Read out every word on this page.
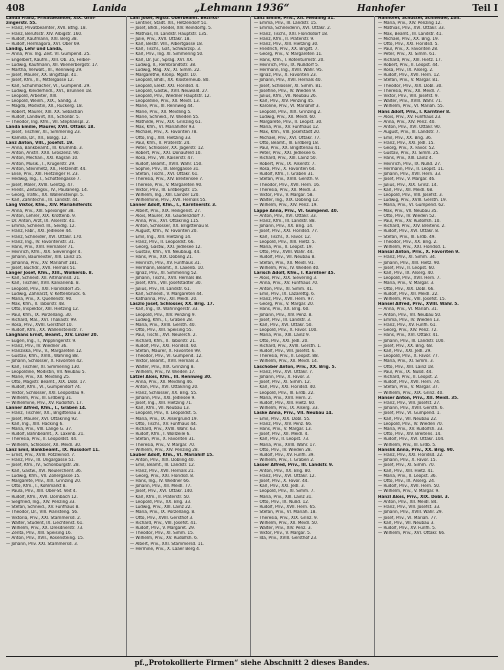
408	Lanida	„Lehmann 1936“	Hanhofer	Teil I
Landa Franz, Privatbeamter, XIX. Grin-
zingerstr. 55.
— Franz, Privatbeamter, XVII. Bthg. 18.
— Franz, Berufsstr. XIV. Albigstr. 160.
— Rudolf, Kaufmann, XXI. Berg 38.
— Rudolf, Hermagora, XVI. Ober 69.
Landig, Lehr und Landa,
— Anna, Priv. Ing. Zeit. VI. Gumpend. 25.
— Engelbert, Kaufm., XIII. Ob. 35, Felber-
— Ludwig, Kaufmann, XII. Wienerbergstr. 17.
— Martha, Verwalt., III., Rennweg 29.
— Josef, Maurer, XX. Brigittapl. 41.
— Josef, Kfm., II., Mittelgasse 12.
— Karl, Schuhmacher, VI., Gumpend. 29.
— Ludwig, Kleiderhndl., XVI., Brunnen 18.
— Leopold, Arbeiter, XIII.
— Leopold, Weinh., XIX., Sandg. 3.
— Magda, Modistin, XII., Ruckerg. 18.
— Robert, Maurer, XIII. XX. Sebastian
— Rudolf, Landwirt, XII., Schonbr. 5.
— Theodor, Ing. Kfm., VII. Stephanspl. 2.
Landa Emilie, Maurer, XVII. Ottakr. 18.
— Josef, Tischler, XI., Simmering 23.
— Kamilla, Dr., XII., Bolgg. 12.
Lanz Anton, VIII., Josefst. 19.
— Anna, Bankbeamt., III. Krummb. 3.
— Anton, Anstrl. XXII. Groszenz. 90.
— Anton, Mechan., XXI. Kagran 10.
— Anton, Musik., I., Krugerstr. 29.
— Anton, Steinmetz, XII., Hetzendf. 44.
— Elise, Priv., XIII. Hietzinger H. 23.
— Hedwig, Ing., I., Schottengasse 7.
— Josef, Maler, XVIII. Gentzg. 47.
— Friedr., Zeitungsv., IV., Paulanerg. 14.
— Georg, Trafik., XX. Wallensteinpl. 5.
— Karl, Zahntechn., III. Landstr. 44.
Lang Viktor, Kfm., XIV. Mariahilferstr.
— Anna, Priv., XIII. Speisinger 38.
— Anton, Lehrer, XIX. Krottenb. 9.
— Dr. Anton, Arzt, IX. Alserstr. 41.
— Emma, Schneid. III., Seidlg. 12.
— Franz, Fabr., XXI. Jedlesee 44.
— Franz, Schneider, XVI. Ottakr. 170.
— Franz, Ing., IV. Favoritenstr. 31.
— Hans, Priv., XVII. Hernalser 71.
— Heinrich, Kfm., XIX. Sieveringer 4.
— Johann, Baumeister, XIII. Lainz 15.
— Johanna, Priv., XV. Mariahilf 181.
— Josef, Buchdr., XVII. Hernals 51.
Langer Josef, Kfm., XIII., Wolkersb. 8.
— Karl, Schneid. XII. Altmannsd. 21.
— Karl, Tischler, XVII. Kalvarienb. 8.
— Leopold, Priv., XXI. Floridsdorf 35.
— Ludwig, Zahnarzt, V. Kettenbruck. 6.
— Maria, Priv., X. Quellenstr. 90.
— Max, Kfm., II. Taborstr. 48.
— Otto, Inspektor, XIII. Hietzing 12.
— Paul, Kfm., IX. Porzellang. 30.
— Richard, Mal., XVI. Thaliastr. 99.
— Rosa, Priv., XVIII. Gersthof 10.
— Rudolf, Kfm., XX. Wallensteinstr. 7.
Langhans Ernst, Beamt., XIV. Linzer 20.
— Eugen, Ing., I., Wipplingerstr. 9.
— Franz, Priv., IV. Wiedner 36.
— Franziska, Priv., V., Margareten 12.
— Gustav, Kfm., XVIII., Wahring 88.
— Johann, Schlosser, X. Favoriten 42.
— Karl, Tischler, XI. Simmering 130.
— Leopoldine, Modistin, VII. Neubau 5.
— Marie, Priv., XII. Meidling 25.
— Otto, Magistr. Beamt., XIX. Dobl. 17.
— Rudolf, Kfm., VI., Gumpendorf 74.
— Viktor, Schlosser, XXI. Leopoldau 9.
— Wilhelm, Priv., III. Erdberg 31.
— Wilhelmine, Priv., XV. Rudolfsh. 17.
Lanner Alfred, Kfm., I., Graben 14.
— Franz, Tischler, XX., Brigittenau 3.
— Josef, Maurer, XVI. Ottakring 92.
— Karl, Ing., XIII. Hacking 6.
— Maria, Priv., VIII. Lange G. 37.
— Rudolf, Bahnbeamt., X. Laxenb. 21.
— Theresia, Priv., II. Leopoldst. 44.
— Wilhelm, Schlosser, XII. Meidl. 30.
Lanz Emil, Bankbeamt., IX. Nussdorf 11.
— Ernst, Priv., XVIII. Pötzleinsd. 7.
— Franz, Priv., III. Ungargasse 51.
— Josef, Kfm., IV., Schönburgstr. 28.
— Karl, Gastw., XVI. Neulerchenf. 36.
— Ludwig, Kfm., VII. Zollergasse 15.
— Margarete, Priv., XIX. Grinzing 20.
— Otto, Kfm., I., Kohlmarkt 8.
— Paula, Priv., XIII. Ober-St. Veit 4.
— Rudolf, Kfm., XVII. Dornbach 12.
— Siegfried, Ing., XIV. Penzing 33.
— Stefan, Schneid., XV. Fünfhaus 8.
— Theodor, Dr., VIII. Piaristeng. 56.
— Viktoria, Priv., XXI. Stammersd. 2.
— Walter, Student, IX. Liechtenst. 61.
— Wilhelm, Priv., XX. Dresdnerstr. 73.
— Zenta, Priv., XIII. Speising 16.
— Anton, Priv., XVII., Rosensteing. 15.
— Johann, Priv. XXI. Stammersd. 3.
Lanl Josef, Mgstr. Oberbeamt. Bezirks-
— Lentner, Stadt. XII., Hetzendorf 51.
— Josef, Bhdl., Riedel, XIV. Reindorfg. 5.
— Mathias, III. Landstr. Hauptstr. 135.
— Julie, Priv., XVII. Ottakr. 18.
— Karl, Bestlr. VIII., Albertgasse 18.
— Karl, Tischl., Gaf., Schwarzsp. 3.
— Karl, Priv., Ing. XI. Simmering 50.
— Karl, Dr. Jur., Sprag. XVI. XX.
— Ludwig, II., Rembrandtstr. 38.
— Ludwig, Mag. XV., XI. Simm. 22.
— Margarethe, Kronp. Mgstr. 10.
— Leopold, Bhdl., XX. Klosterneub. 80.
— Leopold, Elekt. XXI. Floridsd. 4.
— Leopold, Gastw., XVII. Neuwald. 27.
— Leopold, Priv., Wiedner Hauptstr. 12.
— Leopoldine, Priv., XII. Meidl. 13.
— Marie, Priv., III. Rennweg 44.
— Marie, Priv., XII. Meidling 5.
— Marie, Schneid., IV. Wieden 55.
— Mathilde, Priv., XIX. Grinzing 61.
— Max, Kfm., VI. Mariahilfer 93.
— Michael, Priv., X. Favoriten 78.
— Otto, Ing., XIII. Hietzing 33.
— Paul, Kfm., II. Praterstr. 24.
— Peter, Schlosser, XX. Jägerstr. 12.
— Robert, Priv., XXI. Donaufeld 10.
— Rosa, Priv., VII. Kaiserstr. 47.
— Rudolf, Beamt., XVIII. Währ. 150.
— Sophie, Priv., IX. Berggasse 31.
— Stefan, Tischl., XVI. Ottakr. 61.
— Theresia, Priv., XIV. Breitensee 7.
— Therese, Priv., V. Margareten 90.
— Viktor, Priv., III. Erdbergstr. 15.
— Wilhelm, Ing., XIII. Lainzer 120.
— Wilhelmine, Priv., XVII. Hernals 55.
Lanner Adolf, Kfm., I., Kärntnerstr. 3.
— Albert, Priv., XIX. Heiligenst. 27.
— Alois, Maurer, XII. Gaudenzdorf 7.
— Anna, Priv., XVI. Ottakring 115.
— Anton, Schlosser, XX. Brigittenau 8.
— August, Kfm., IV. Favoriten 20.
— Emil, Ing., XIII. Hietzing 14.
— Franz, Priv., II. Leopoldst. 66.
— Georg, Gastw., XXI. Jedlesee 12.
— Gustav, Kfm., VII. Neubaug. 44.
— Hans, Priv., XIX. Döbling 21.
— Heinrich, Priv., XV. Fünfhaus 31.
— Hermann, Beamt., X. Laxenb. 10.
— Ignaz, Priv., XI. Simmering 52.
— Johann, Tischl., XVII. Hernals 88.
— Josef, Kfm., VIII. Josefstädter 30.
— Julius, Priv., III. Landstr. 61.
— Karl, Schneid., V. Margareten 44.
— Katharina, Priv., XII. Meidl. 20.
Laszlo Josef, Schlosser, XX. Brig. 17.
— Karl, Ing., IX. Währingerstr. 33.
— Leopold, Priv., XIV. Penzing 9.
— Ludwig, Kfm., I., Graben 28.
— Maria, Priv., XVIII. Gersth. 40.
— Otto, Priv., XIII. Speising 55.
— Paul, Tischl., XVI. Neulerch. 2.
— Richard, Kfm., II. Taborstr. 21.
— Rudolf, Priv., XXI. Floridsd. 60.
— Stefan, Maurer, X. Favoriten 99.
— Theodor, Priv., VI. Gumpend. 12.
— Viktor, Beamt., XVII. Hernals 3.
— Walter, Priv., XIX. Grinzing 8.
— Wilhelm, Priv., IV. Wieden 17.
Latzel Alois, Kfm., III. Rennweg 30.
— Anna, Priv., XII. Meidling 46.
— Anton, Priv., XVI. Ottakring 20.
— Franz, Schlosser, XX. Brig. 55.
— Johann, Priv., XXI. Jedlesee 9.
— Josef, Ing., XIII. Hietzing 71.
— Karl, Kfm., VII. Neubau 13.
— Leopold, Priv., II. Leopoldst. 5.
— Maria, Priv., IX. Alsergrund 19.
— Otto, Tischl., XV. Fünfhaus 44.
— Richard, Priv., XVIII. Währ. 63.
— Rudolf, Kfm., I. Wollzeile 6.
— Stefan, Priv., X. Favoriten 31.
— Theresia, Priv., V. Margar. 70.
— Wilhelm, Priv., XIV. Penzing 28.
Lauber Adolf, Kfm., VI. Mariahilf 15.
— Anton, Priv., XIX. Döbling 40.
— Emil, Beamt., III. Landstr. 12.
— Franz, Priv., XVII. Hernals 21.
— Georg, Priv., XXI. Floridsd. 8.
— Hans, Ing., IV. Wiedner 66.
— Johann, Priv., XII. Meidl. 77.
— Josef, Priv., XVI. Ottakr. 140.
— Karl, Kfm., II. Praterstr. 50.
— Leopold, Priv., XX. Brig. 33.
— Ludwig, Priv., XIII. Lainz 22.
— Maria, Priv., IX. Porzellang. 8.
— Otto, Priv., XVIII. Gersthof 3.
— Richard, Priv., VIII. Josefst. 41.
— Rudolf, Priv., V. Margaret. 29.
— Theodor, Priv., XI. Simm. 15.
— Wilhelm, Priv., XV. Rudolfsh. 6.
— Albert, Priv., XXI. Stammersd. 11.
— Hermine, Priv., X. Laaer Berg 4.
Lanz Emilie, Priv., XII. Meidling 31.
— Emma, Priv., III. Landstr. 15.
— Emma, Schneiderin, XVI. Ottakr. 2.
— Franz, Tischl., XXI. Floridsdorf 18.
— Franz, Kfm., II. Praterstr. 9.
— Franz, Priv., XIII. Hietzing 30.
— Friedrich, Priv., XX. Brigitt. 7.
— Georg, Priv., V. Margareten 11.
— Hans, Kfm., I. Rotenturmstr. 20.
— Heinrich, Priv., IX. Nußdorf 5.
— Hermann, Ing., XVIII. Währ. 95.
— Ignaz, Priv., X. Favoriten 23.
— Johann, Priv., XVII. Hernals 40.
— Josef, Schlosser, XI. Simm. 81.
— Josefine, Priv., IV. Wieden 9.
— Julius, Kfm., VII. Neubau 26.
— Karl, Priv., XIV. Penzing 45.
— Karoline, Priv., VI. Mariahilf 3.
— Leopold, Priv., XIX. Grinzing 2.
— Ludwig, Priv., XII. Meidl. 60.
— Margarete, Priv., II. Leopst. 30.
— Maria, Priv., XV. Fünfhaus 12.
— Max, Kfm., VIII. Josefstadt 20.
— Michael, Priv., XVI. Ottakr. 77.
— Otto, Beamt., III. Erdberg 18.
— Paul, Priv., XX. Brigittenau 41.
— Peter, Priv., XXI. Jedlesee 6.
— Richard, Priv., XIII. Lainz 50.
— Robert, Priv., IX. Alserstr. 7.
— Rosa, Priv., X. Favoriten 64.
— Rudolf, Kfm., I. Graben 31.
— Stefan, Priv., XVIII. Gersth. 9.
— Theodor, Priv., XVII. Hern. 16.
— Theresia, Priv., XII. Meidl. 3.
— Viktor, Priv., V. Margar. 58.
— Walter, Ing., XIX. Döbling 12.
— Wilhelm, Priv., XIV. Penz. 19.
Lappe Anna, Priv., VI. Gumpend. 40.
— Anton, Priv., XVI. Ottakr. 33.
— Franz, Kfm., III. Landstr. 88.
— Johann, Priv., XX. Brig. 14.
— Josef, Priv., XXI. Floridsd. 77.
— Karl, Tischl., X. Favor. 12.
— Leopold, Priv., XIII. Hietz. 5.
— Maria, Priv., II. Leopst. 19.
— Otto, Priv., XVIII. Währ. 44.
— Rudolf, Priv., VII. Neubau 8.
— Stefan, Priv., XII. Meidl. 91.
— Wilhelm, Priv., IV. Wieden 40.
Larisch Adolf, Kfm., I. Kärntner 45.
— Alois, Priv., XIX. Sievering 3.
— Anna, Priv., XV. Fünfhaus 70.
— Anton, Priv., XI. Simm. 41.
— Emil, Priv., IX. Lazarettg. 6.
— Franz, Priv., XVII. Hern. 97.
— Georg, Priv., V. Margar. 20.
— Hans, Priv., XX. Brig. 60.
— Johann, Priv., XIV. Penz. 8.
— Josef, Priv., III. Landstr. 3.
— Karl, Priv., XVI. Ottakr. 50.
— Leopold, Priv., X. Favor. 100.
— Maria, Priv., XIII. Lainz 9.
— Otto, Priv., XXI. Jedl. 20.
— Richard, Priv., XVIII. Gersth. 1.
— Rudolf, Priv., VIII. Josefst. 6.
— Theresia, Priv., II. Leopst. 88.
— Wilhelm, Priv., XII. Meidl. 14.
Laschober Anton, Priv., XX. Brig. 5.
— Franz, Priv., XVI. Ottakr. 7.
— Johann, Priv., X. Favor. 3.
— Josef, Priv., XI. Simm. 12.
— Karl, Priv., XXI. Floridsd. 40.
— Leopold, Priv., III. Erdb. 22.
— Maria, Priv., XVII. Hern. 2.
— Rudolf, Priv., XIII. Hietz. 60.
— Wilhelm, Priv., IX. Alserg. 33.
Laske Anna, Priv., VII. Neubau 14.
— Emil, Priv., XIX. Döbl. 55.
— Franz, Priv., XIV. Penz. 66.
— Hans, Priv., V. Margar. 13.
— Josef, Priv., XII. Meidl. 4.
— Karl, Priv., II. Leopst. 73.
— Maria, Priv., XVIII. Währ. 17.
— Otto, Priv., IV. Wieden 28.
— Rudolf, Priv., XV. Fünfh. 39.
— Wilhelm, Priv., I. Graben 2.
Lasser Alfred, Priv., III. Landstr. 9.
— Anton, Priv., XX. Brig. 80.
— Franz, Priv., XVI. Ottakr. 12.
— Josef, Priv., X. Favor. 44.
— Karl, Priv., XXI. Jedl. 3.
— Leopold, Priv., XI. Simm. 7.
— Maria, Priv., XIII. Lainz 31.
— Otto, Priv., IX. Nußd. 12.
— Rudolf, Priv., XVII. Hern. 65.
— Stefan, Priv., VI. Mariah. 18.
— Theresia, Priv., XIX. Grinz. 9.
— Wilhelm, Priv., XII. Meidl. 50.
— Walter, Priv., XIV. Penz. 3.
— Viktor, Priv., V. Margar. 5.
— Ida, Priv., XVIII. Gersthof 23.
Hanhofer, Schuster, Schneider, Zoll.
— Maria, Priv., XIV. Penzing 12.
— Mathias, Priv., XVI. Ottakr. 33.
— Max, Beamt., III. Landstr. 41.
— Michael, Priv., XX. Brig. 19.
— Otto, Priv., XXI. Floridsd. 5.
— Paul, Priv., X. Favoriten 28.
— Peter, Priv., XI. Simm. 61.
— Richard, Priv., XIII. Hietz. 17.
— Robert, Priv., II. Leopst. 44.
— Rosa, Priv., IX. Alserg. 2.
— Rudolf, Priv., XVII. Hern. 12.
— Stefan, Priv., V. Margar. 81.
— Theodor, Priv., XIX. Döbl. 30.
— Theresia, Priv., XII. Meidl. 7.
— Viktor, Priv., VIII. Josefst. 9.
— Walter, Priv., XVIII. Währ. 71.
— Wilhelm, Priv., VI. Mariah. 55.
Hans Adolf, Priv., I. Kärntner 8.
— Alois, Priv., XV. Fünfhaus 23.
— Anna, Priv., XIV. Penz. 40.
— Anton, Priv., XVI. Ottakr. 90.
— August, Priv., III. Landstr. 7.
— Emil, Priv., XX. Brig. 36.
— Franz, Priv., XXI. Jedl. 15.
— Georg, Priv., X. Favor. 52.
— Gustav, Priv., XI. Simm. 25.
— Hans, Priv., XIII. Lainz 4.
— Heinrich, Priv., IX. Nußd. 27.
— Hermann, Priv., II. Leopst. 11.
— Johann, Priv., XVII. Hern. 33.
— Josef, Priv., V. Margar. 46.
— Julius, Priv., XIX. Grinz. 14.
— Karl, Priv., XII. Meidl. 68.
— Leopold, Priv., VIII. Josefst. 3.
— Ludwig, Priv., XVIII. Gersth. 19.
— Maria, Priv., VI. Gumpend. 62.
— Max, Priv., VII. Neubau 35.
— Otto, Priv., IV. Wieden 52.
— Paul, Priv., XV. Rudolfsh. 10.
— Richard, Priv., XIV. Breitens. 2.
— Rudolf, Priv., XVI. Ottakr. 8.
— Stefan, Priv., III. Erdb. 49.
— Theodor, Priv., XX. Brig. 2.
— Wilhelm, Priv., XXI. Floridsd. 1.
Hansal Anton, Priv., X. Favoriten 9.
— Franz, Priv., XI. Simm. 34.
— Johann, Priv., XIII. Hietz. 90.
— Josef, Priv., II. Leopst. 60.
— Karl, Priv., IX. Alserg. 40.
— Leopold, Priv., XVII. Hern. 7.
— Maria, Priv., V. Margar. 3.
— Otto, Priv., XIX. Döbl. 66.
— Rudolf, Priv., XII. Meidl. 22.
— Wilhelm, Priv., VIII. Josefst. 15.
Hansel Alfred, Priv., XVIII. Währ. 5.
— Anna, Priv., VI. Mariah. 31.
— Anton, Priv., VII. Neubau 50.
— Emma, Priv., IV. Wieden 13.
— Franz, Priv., XV. Fünfh. 61.
— Georg, Priv., XIV. Penz. 72.
— Hans, Priv., XVI. Ottakr. 41.
— Johann, Priv., III. Landstr. 100.
— Josef, Priv., XX. Brig. 68.
— Karl, Priv., XXI. Jedl. 29.
— Leopold, Priv., X. Favor. 77.
— Maria, Priv., XI. Simm. 3.
— Otto, Priv., XIII. Lainz 18.
— Paul, Priv., IX. Nußd. 44.
— Richard, Priv., II. Leopst. 2.
— Rudolf, Priv., XVII. Hern. 74.
— Stefan, Priv., V. Margar. 37.
— Wilhelm, Priv., XIX. Grinz. 40.
Hanser Anton, Priv., XII. Meidl. 35.
— Franz, Priv., VIII. Josefst. 27.
— Johann, Priv., XVIII. Gersth. 6.
— Josef, Priv., VI. Gumpend. 1.
— Karl, Priv., VII. Neubau 22.
— Leopold, Priv., IV. Wieden 70.
— Maria, Priv., XV. Rudolfsh. 33.
— Otto, Priv., XIV. Breitens. 14.
— Rudolf, Priv., XVI. Ottakr. 104.
— Wilhelm, Priv., III. Erdb. 5.
Hanslik Anna, Priv., XX. Brig. 90.
— Franz, Priv., XXI. Floridsd. 22.
— Johann, Priv., X. Favor. 15.
— Josef, Priv., XI. Simm. 70.
— Karl, Priv., XIII. Hietz. 41.
— Maria, Priv., II. Leopst. 36.
— Otto, Priv., IX. Alserg. 24.
— Rudolf, Priv., XVII. Hern. 50.
— Wilhelm, Priv., V. Margar. 9.
Hanzl Alois, Priv., XIX. Döbl. 3.
— Anton, Priv., XII. Meidl. 84.
— Franz, Priv., VIII. Josefst. 33.
— Johann, Priv., XVIII. Währ. 29.
— Josef, Priv., VI. Mariah. 77.
— Karl, Priv., VII. Neubau 3.
— Rudolf, Priv., XV. Fünfh. 5.
— Wilhelm, Priv., XVI. Ottakr. 66.
pf.„Protokollierte Firmen“ siehe Abschnitt 2 dieses Bandes.
